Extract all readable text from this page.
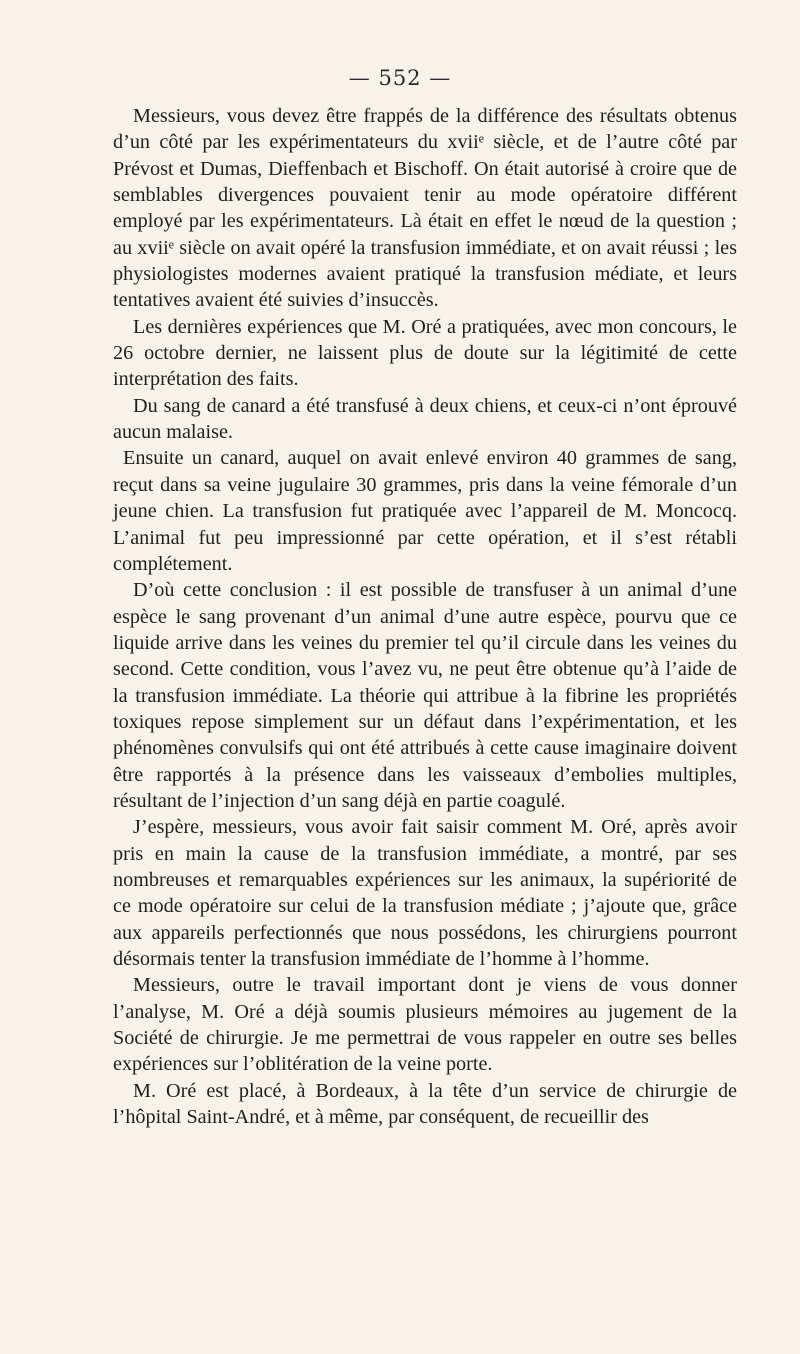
— 552 —

Messieurs, vous devez être frappés de la différence des résultats obtenus d’un côté par les expérimentateurs du xviiᵉ siècle, et de l’autre côté par Prévost et Dumas, Dieffenbach et Bischoff. On était autorisé à croire que de semblables divergences pouvaient tenir au mode opératoire différent employé par les expérimentateurs. Là était en effet le nœud de la question ; au xviiᵉ siècle on avait opéré la transfusion immédiate, et on avait réussi ; les physiologistes modernes avaient pratiqué la transfusion médiate, et leurs tentatives avaient été suivies d’insuccès.

Les dernières expériences que M. Oré a pratiquées, avec mon concours, le 26 octobre dernier, ne laissent plus de doute sur la légitimité de cette interprétation des faits.

Du sang de canard a été transfusé à deux chiens, et ceux-ci n’ont éprouvé aucun malaise.

Ensuite un canard, auquel on avait enlevé environ 40 grammes de sang, reçut dans sa veine jugulaire 30 grammes, pris dans la veine fémorale d’un jeune chien. La transfusion fut pratiquée avec l’appareil de M. Moncocq. L’animal fut peu impressionné par cette opération, et il s’est rétabli complétement.

D’où cette conclusion : il est possible de transfuser à un animal d’une espèce le sang provenant d’un animal d’une autre espèce, pourvu que ce liquide arrive dans les veines du premier tel qu’il circule dans les veines du second. Cette condition, vous l’avez vu, ne peut être obtenue qu’à l’aide de la transfusion immédiate. La théorie qui attribue à la fibrine les propriétés toxiques repose simplement sur un défaut dans l’expérimentation, et les phénomènes convulsifs qui ont été attribués à cette cause imaginaire doivent être rapportés à la présence dans les vaisseaux d’embolies multiples, résultant de l’injection d’un sang déjà en partie coagulé.

J’espère, messieurs, vous avoir fait saisir comment M. Oré, après avoir pris en main la cause de la transfusion immédiate, a montré, par ses nombreuses et remarquables expériences sur les animaux, la supériorité de ce mode opératoire sur celui de la transfusion médiate ; j’ajoute que, grâce aux appareils perfectionnés que nous possédons, les chirurgiens pourront désormais tenter la transfusion immédiate de l’homme à l’homme.

Messieurs, outre le travail important dont je viens de vous donner l’analyse, M. Oré a déjà soumis plusieurs mémoires au jugement de la Société de chirurgie. Je me permettrai de vous rappeler en outre ses belles expériences sur l’oblitération de la veine porte.

M. Oré est placé, à Bordeaux, à la tête d’un service de chirurgie de l’hôpital Saint-André, et à même, par conséquent, de recueillir des
